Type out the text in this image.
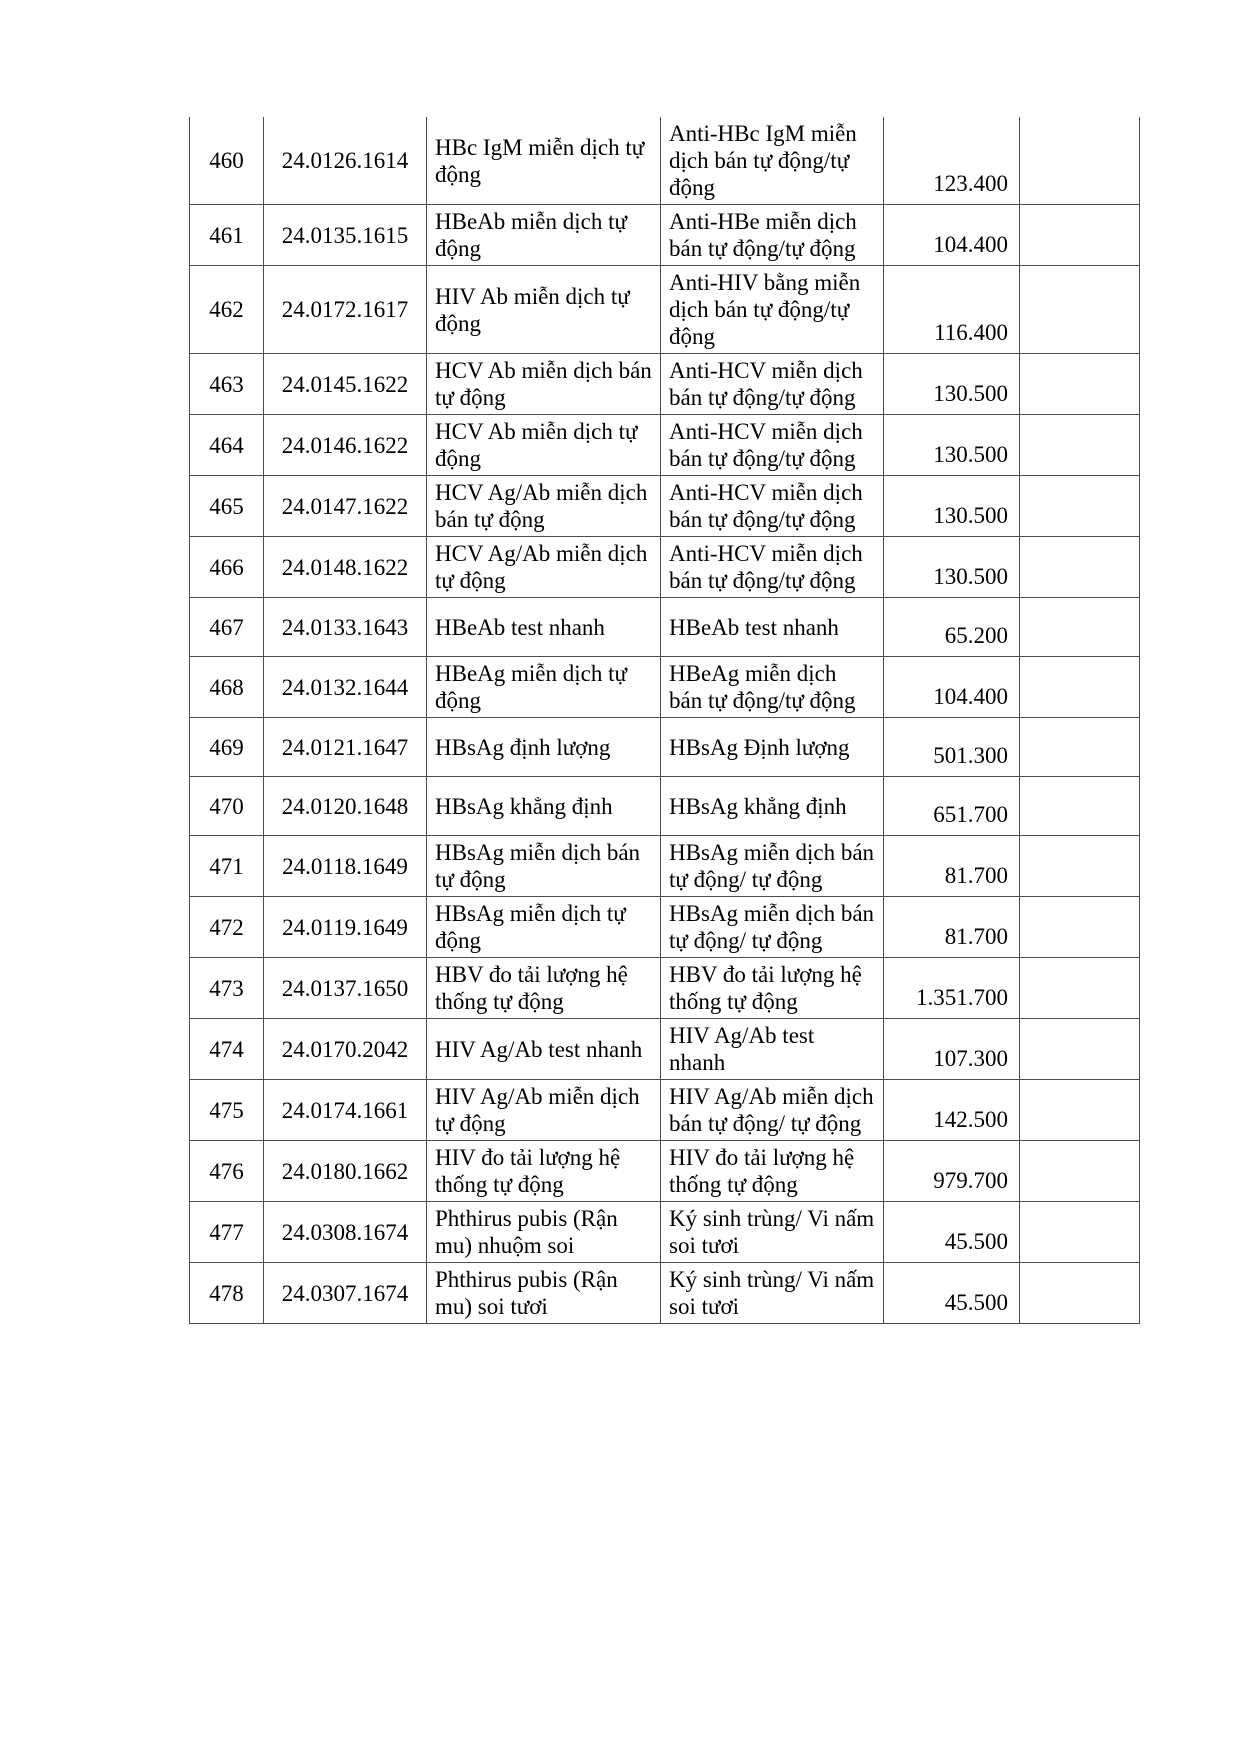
460	24.0126.1614	HBc IgM miễn dịch tự động	Anti-HBc IgM miễn dịch bán tự động/tự động	123.400	
461	24.0135.1615	HBeAb miễn dịch tự động	Anti-HBe miễn dịch bán tự động/tự động	104.400	
462	24.0172.1617	HIV Ab miễn dịch tự động	Anti-HIV bằng miễn dịch bán tự động/tự động	116.400	
463	24.0145.1622	HCV Ab miễn dịch bán tự động	Anti-HCV miễn dịch bán tự động/tự động	130.500	
464	24.0146.1622	HCV Ab miễn dịch tự động	Anti-HCV miễn dịch bán tự động/tự động	130.500	
465	24.0147.1622	HCV Ag/Ab miễn dịch bán tự động	Anti-HCV miễn dịch bán tự động/tự động	130.500	
466	24.0148.1622	HCV Ag/Ab miễn dịch tự động	Anti-HCV miễn dịch bán tự động/tự động	130.500	
467	24.0133.1643	HBeAb test nhanh	HBeAb test nhanh	65.200	
468	24.0132.1644	HBeAg miễn dịch tự động	HBeAg miễn dịch bán tự động/tự động	104.400	
469	24.0121.1647	HBsAg định lượng	HBsAg Định lượng	501.300	
470	24.0120.1648	HBsAg khẳng định	HBsAg khẳng định	651.700	
471	24.0118.1649	HBsAg miễn dịch bán tự động	HBsAg miễn dịch bán tự động/ tự động	81.700	
472	24.0119.1649	HBsAg miễn dịch tự động	HBsAg miễn dịch bán tự động/ tự động	81.700	
473	24.0137.1650	HBV đo tải lượng hệ thống tự động	HBV đo tải lượng hệ thống tự động	1.351.700	
474	24.0170.2042	HIV Ag/Ab test nhanh	HIV Ag/Ab test nhanh	107.300	
475	24.0174.1661	HIV Ag/Ab miễn dịch tự động	HIV Ag/Ab miễn dịch bán tự động/ tự động	142.500	
476	24.0180.1662	HIV đo tải lượng hệ thống tự động	HIV đo tải lượng hệ thống tự động	979.700	
477	24.0308.1674	Phthirus pubis (Rận mu) nhuộm soi	Ký sinh trùng/ Vi nấm soi tươi	45.500	
478	24.0307.1674	Phthirus pubis (Rận mu) soi tươi	Ký sinh trùng/ Vi nấm soi tươi	45.500	
